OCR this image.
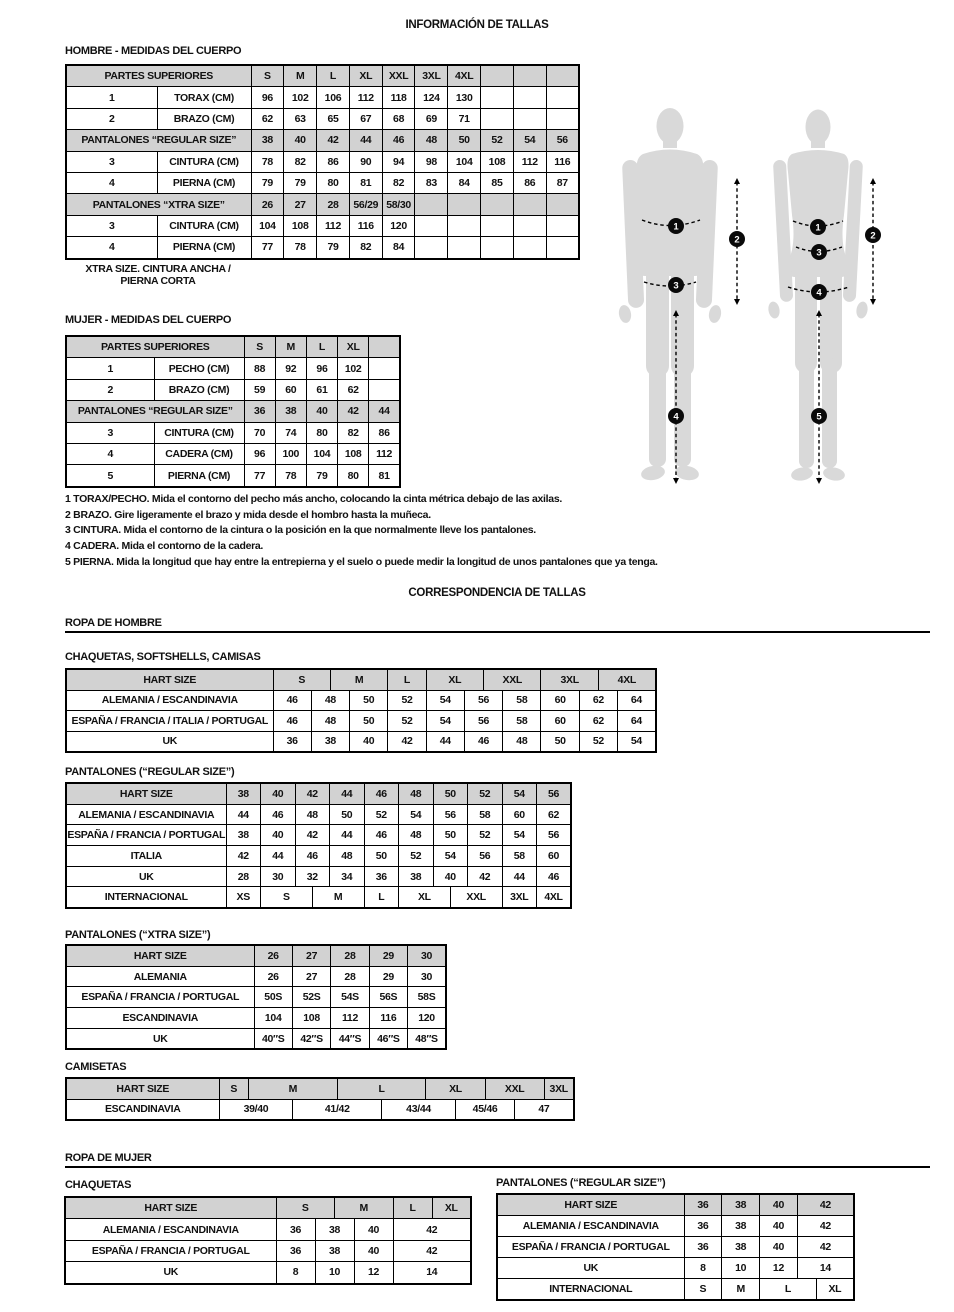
INFORMACIÓN DE TALLAS
HOMBRE - MEDIDAS DEL CUERPO
PARTES SUPERIORES		S	M	L	XL	XXL	3XL	4XL			
1	TORAX (CM)	96	102	106	112	118	124	130			
2	BRAZO (CM)	62	63	65	67	68	69	71			
PANTALONES “REGULAR SIZE”		38	40	42	44	46	48	50	52	54	56
3	CINTURA (CM)	78	82	86	90	94	98	104	108	112	116
4	PIERNA (CM)	79	79	80	81	82	83	84	85	86	87
PANTALONES “XTRA SIZE”		26	27	28	56/29	58/30					
3	CINTURA (CM)	104	108	112	116	120					
4	PIERNA (CM)	77	78	79	82	84					
1
2
3
4
1
2
3
4
5
XTRA SIZE. CINTURA ANCHA /
PIERNA CORTA
MUJER - MEDIDAS DEL CUERPO
PARTES SUPERIORES		S	M	L	XL	
1	PECHO (CM)	88	92	96	102	
2	BRAZO (CM)	59	60	61	62	
PANTALONES “REGULAR SIZE”		36	38	40	42	44
3	CINTURA (CM)	70	74	80	82	86
4	CADERA (CM)	96	100	104	108	112
5	PIERNA (CM)	77	78	79	80	81
1 TORAX/PECHO. Mida el contorno del pecho más ancho, colocando la cinta métrica debajo de las axilas.
2 BRAZO. Gire ligeramente el brazo y mida desde el hombro hasta la muñeca.
3 CINTURA. Mida el contorno de la cintura o la posición en la que normalmente lleve los pantalones.
4 CADERA. Mida el contorno de la cadera.
5 PIERNA. Mida la longitud que hay entre la entrepierna y el suelo o puede medir la longitud de unos pantalones que ya tenga.
CORRESPONDENCIA DE TALLAS
ROPA DE HOMBRE
CHAQUETAS, SOFTSHELLS, CAMISAS
HART SIZE	S		M		L	XL		XXL		3XL		4XL	
ALEMANIA / ESCANDINAVIA	46	48		50	52	54	56		58	60	62		64
ESPAÑA / FRANCIA / ITALIA / PORTUGAL	46	48		50	52	54	56		58	60	62		64
UK	36	38		40	42	44	46		48	50	52		54
PANTALONES (“REGULAR SIZE”)
HART SIZE	38	40	42		44	46	48	50		52	54	56
ALEMANIA / ESCANDINAVIA	44	46	48		50	52	54	56		58	60	62
ESPAÑA / FRANCIA / PORTUGAL	38	40	42		44	46	48	50		52	54	56
ITALIA	42	44	46		48	50	52	54		56	58	60
UK	28	30	32		34	36	38	40		42	44	46
INTERNACIONAL	XS	S		M		L	XL		XXL		3XL	4XL
PANTALONES (“XTRA SIZE”)
HART SIZE	26	27	28	29	30
ALEMANIA	26	27	28	29	30
ESPAÑA / FRANCIA / PORTUGAL	50S	52S	54S	56S	58S
ESCANDINAVIA	104	108	112	116	120
UK	40″S	42″S	44″S	46″S	48″S
CAMISETAS
HART SIZE	S	M		L		XL		XXL		3XL
ESCANDINAVIA	39/40		41/42		43/44		45/46		47	
ROPA DE MUJER
CHAQUETAS
HART SIZE	S		M		L	XL
ALEMANIA / ESCANDINAVIA	36	38		40	42	
ESPAÑA / FRANCIA / PORTUGAL	36	38		40	42	
UK	8	10		12	14	
PANTALONES (“REGULAR SIZE”)
HART SIZE	36	38	40	42	
ALEMANIA / ESCANDINAVIA	36	38	40	42	
ESPAÑA / FRANCIA / PORTUGAL	36	38	40	42	
UK	8	10	12	14	
INTERNACIONAL	S	M	L		XL
